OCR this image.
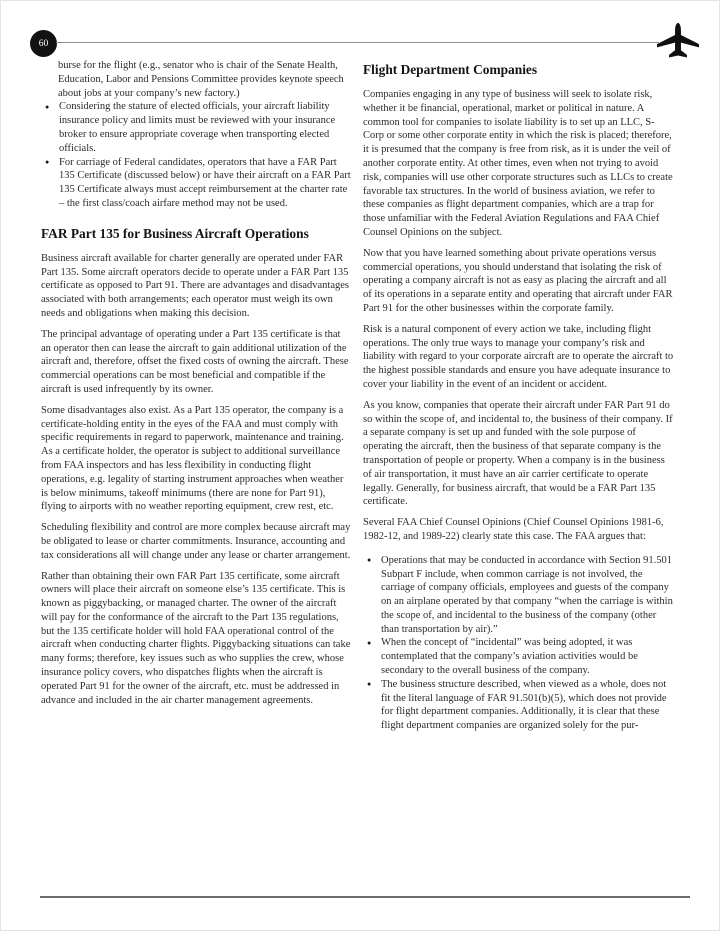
60
burse for the flight (e.g., senator who is chair of the Senate Health, Education, Labor and Pensions Committee provides keynote speech about jobs at your company’s new factory.)
● Considering the stature of elected officials, your aircraft liability insurance policy and limits must be reviewed with your insurance broker to ensure appropriate coverage when transporting elected officials.
● For carriage of Federal candidates, operators that have a FAR Part 135 Certificate (discussed below) or have their aircraft on a FAR Part 135 Certificate always must accept reimbursement at the charter rate – the first class/coach airfare method may not be used.
FAR Part 135 for Business Aircraft Operations

Business aircraft available for charter generally are operated under FAR Part 135. Some aircraft operators decide to operate under a FAR Part 135 certificate as opposed to Part 91. There are advantages and disadvantages associated with both arrangements; each operator must weigh its own needs and obligations when making this decision.

The principal advantage of operating under a Part 135 certificate is that an operator then can lease the aircraft to gain additional utilization of the aircraft and, therefore, offset the fixed costs of owning the aircraft. These commercial operations can be most beneficial and compatible if the aircraft is used infrequently by its owner.

Some disadvantages also exist. As a Part 135 operator, the company is a certificate-holding entity in the eyes of the FAA and must comply with specific requirements in regard to paperwork, maintenance and training. As a certificate holder, the operator is subject to additional surveillance from FAA inspectors and has less flexibility in conducting flight operations, e.g. legality of starting instrument approaches when weather is below minimums, takeoff minimums (there are none for Part 91), flying to airports with no weather reporting equipment, crew rest, etc.

Scheduling flexibility and control are more complex because aircraft may be obligated to lease or charter commitments. Insurance, accounting and tax considerations all will change under any lease or charter arrangement.

Rather than obtaining their own FAR Part 135 certificate, some aircraft owners will place their aircraft on someone else’s 135 certificate. This is known as piggybacking, or managed charter. The owner of the aircraft will pay for the conformance of the aircraft to the Part 135 regulations, but the 135 certificate holder will hold FAA operational control of the aircraft when conducting charter flights. Piggybacking situations can take many forms; therefore, key issues such as who supplies the crew, whose insurance policy covers, who dispatches flights when the aircraft is operated Part 91 for the owner of the aircraft, etc. must be addressed in advance and included in the air charter management agreements.

Flight Department Companies

Companies engaging in any type of business will seek to isolate risk, whether it be financial, operational, market or political in nature. A common tool for companies to isolate liability is to set up an LLC, S-Corp or some other corporate entity in which the risk is placed; therefore, it is presumed that the company is free from risk, as it is under the veil of another corporate entity. At other times, even when not trying to avoid risk, companies will use other corporate structures such as LLCs to create favorable tax structures. In the world of business aviation, we refer to these companies as flight department companies, which are a trap for those unfamiliar with the Federal Aviation Regulations and FAA Chief Counsel Opinions on the subject.

Now that you have learned something about private operations versus commercial operations, you should understand that isolating the risk of operating a company aircraft is not as easy as placing the aircraft and all of its operations in a separate entity and operating that aircraft under FAR Part 91 for the other businesses within the corporate family.

Risk is a natural component of every action we take, including flight operations. The only true ways to manage your company’s risk and liability with regard to your corporate aircraft are to operate the aircraft to the highest possible standards and ensure you have adequate insurance to cover your liability in the event of an incident or accident.

As you know, companies that operate their aircraft under FAR Part 91 do so within the scope of, and incidental to, the business of their company. If a separate company is set up and funded with the sole purpose of operating the aircraft, then the business of that separate company is the transportation of people or property. When a company is in the business of air transportation, it must have an air carrier certificate to operate legally. Generally, for business aircraft, that would be a FAR Part 135 certificate.

Several FAA Chief Counsel Opinions (Chief Counsel Opinions 1981-6, 1982-12, and 1989-22) clearly state this case. The FAA argues that:

● Operations that may be conducted in accordance with Section 91.501 Subpart F include, when common carriage is not involved, the carriage of company officials, employees and guests of the company on an airplane operated by that company “when the carriage is within the scope of, and incidental to the business of the company (other than transportation by air).”
● When the concept of “incidental” was being adopted, it was contemplated that the company’s aviation activities would be secondary to the overall business of the company.
● The business structure described, when viewed as a whole, does not fit the literal language of FAR 91.501(b)(5), which does not provide for flight department companies. Additionally, it is clear that these flight department companies are organized solely for the pur-
